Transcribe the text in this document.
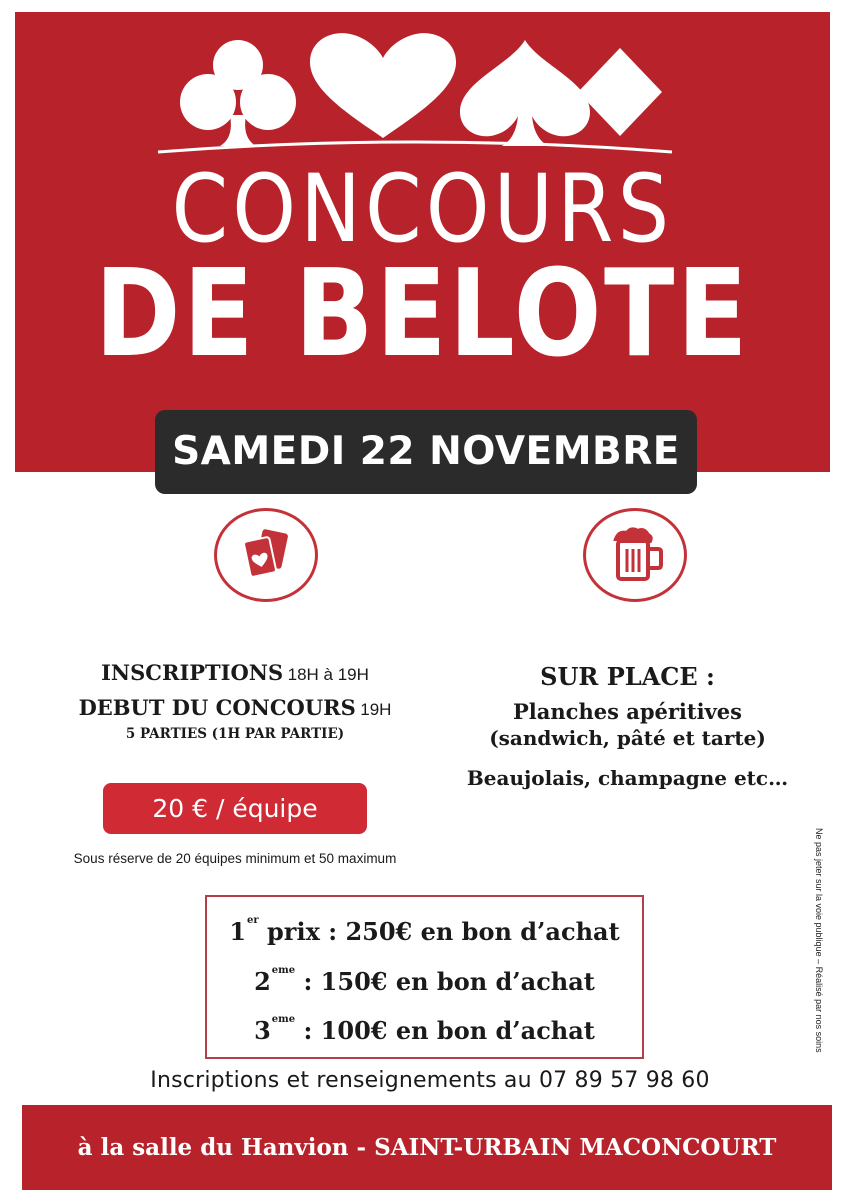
CONCOURS
DE BELOTE
SAMEDI 22 NOVEMBRE
INSCRIPTIONS 18H à 19H
DEBUT DU CONCOURS 19H
5 PARTIES (1H PAR PARTIE)
20 € / équipe
Sous réserve de 20 équipes minimum et 50 maximum
SUR PLACE :
Planches apéritives
(sandwich, pâté et tarte)
Beaujolais, champagne etc…
1er prix : 250€ en bon d’achat
2eme : 150€ en bon d’achat
3eme : 100€ en bon d’achat
Inscriptions et renseignements au 07 89 57 98 60
à la salle du Hanvion - SAINT-URBAIN MACONCOURT
Ne pas jeter sur la voie publique – Réalisé par nos soins
